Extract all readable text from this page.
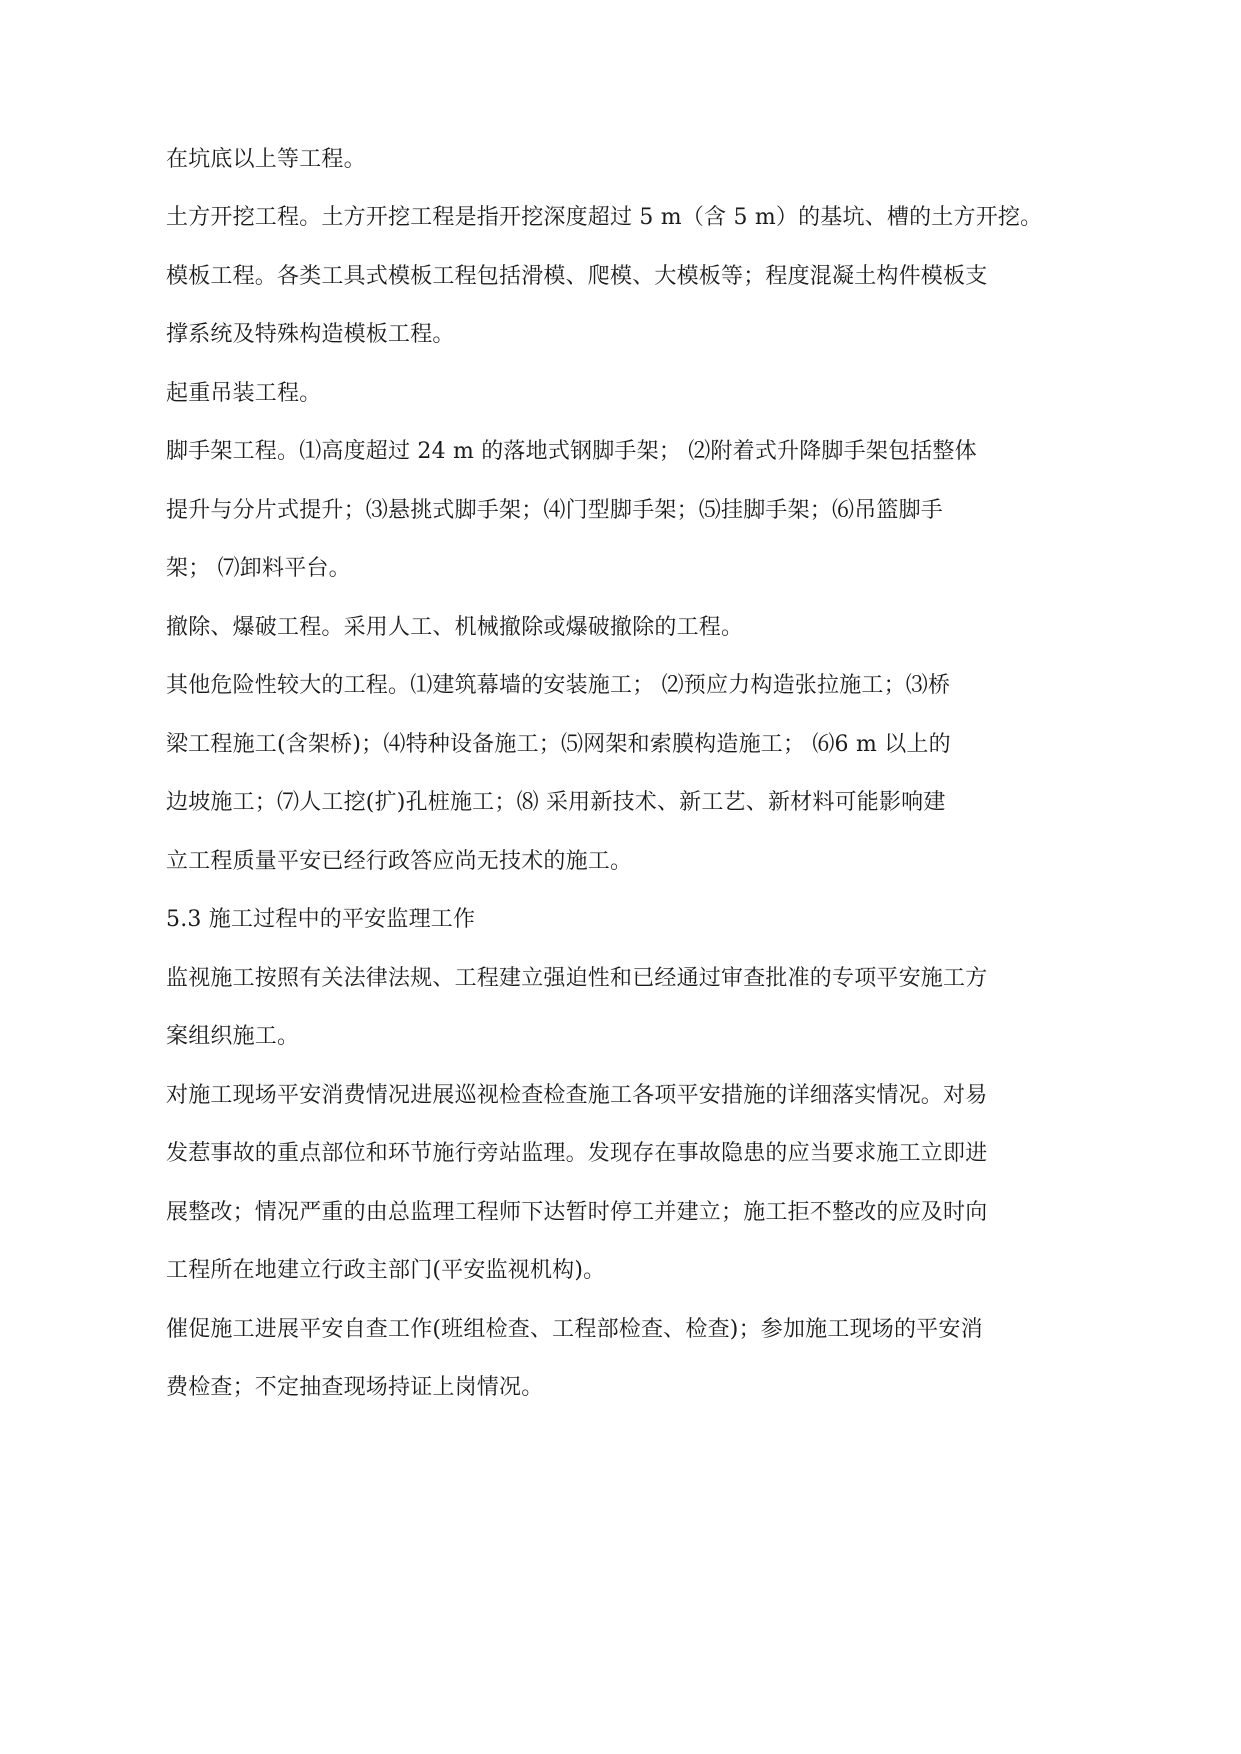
在坑底以上等工程。
土方开挖工程。土方开挖工程是指开挖深度超过 5 m（含 5 m）的基坑、槽的土方开挖。
模板工程。各类工具式模板工程包括滑模、爬模、大模板等；程度混凝土构件模板支
撑系统及特殊构造模板工程。
起重吊装工程。
脚手架工程。⑴高度超过 24 m 的落地式钢脚手架； ⑵附着式升降脚手架包括整体
提升与分片式提升；⑶悬挑式脚手架；⑷门型脚手架；⑸挂脚手架；⑹吊篮脚手
架； ⑺卸料平台。
撤除、爆破工程。采用人工、机械撤除或爆破撤除的工程。
其他危险性较大的工程。⑴建筑幕墙的安装施工； ⑵预应力构造张拉施工；⑶桥
梁工程施工(含架桥)；⑷特种设备施工；⑸网架和索膜构造施工； ⑹6 m 以上的
边坡施工；⑺人工挖(扩)孔桩施工；⑻ 采用新技术、新工艺、新材料可能影响建
立工程质量平安已经行政答应尚无技术的施工。
5.3 施工过程中的平安监理工作
监视施工按照有关法律法规、工程建立强迫性和已经通过审查批准的专项平安施工方
案组织施工。
对施工现场平安消费情况进展巡视检查检查施工各项平安措施的详细落实情况。对易
发惹事故的重点部位和环节施行旁站监理。发现存在事故隐患的应当要求施工立即进
展整改；情况严重的由总监理工程师下达暂时停工并建立；施工拒不整改的应及时向
工程所在地建立行政主部门(平安监视机构)。
催促施工进展平安自查工作(班组检查、工程部检查、检查)；参加施工现场的平安消
费检查；不定抽查现场持证上岗情况。
